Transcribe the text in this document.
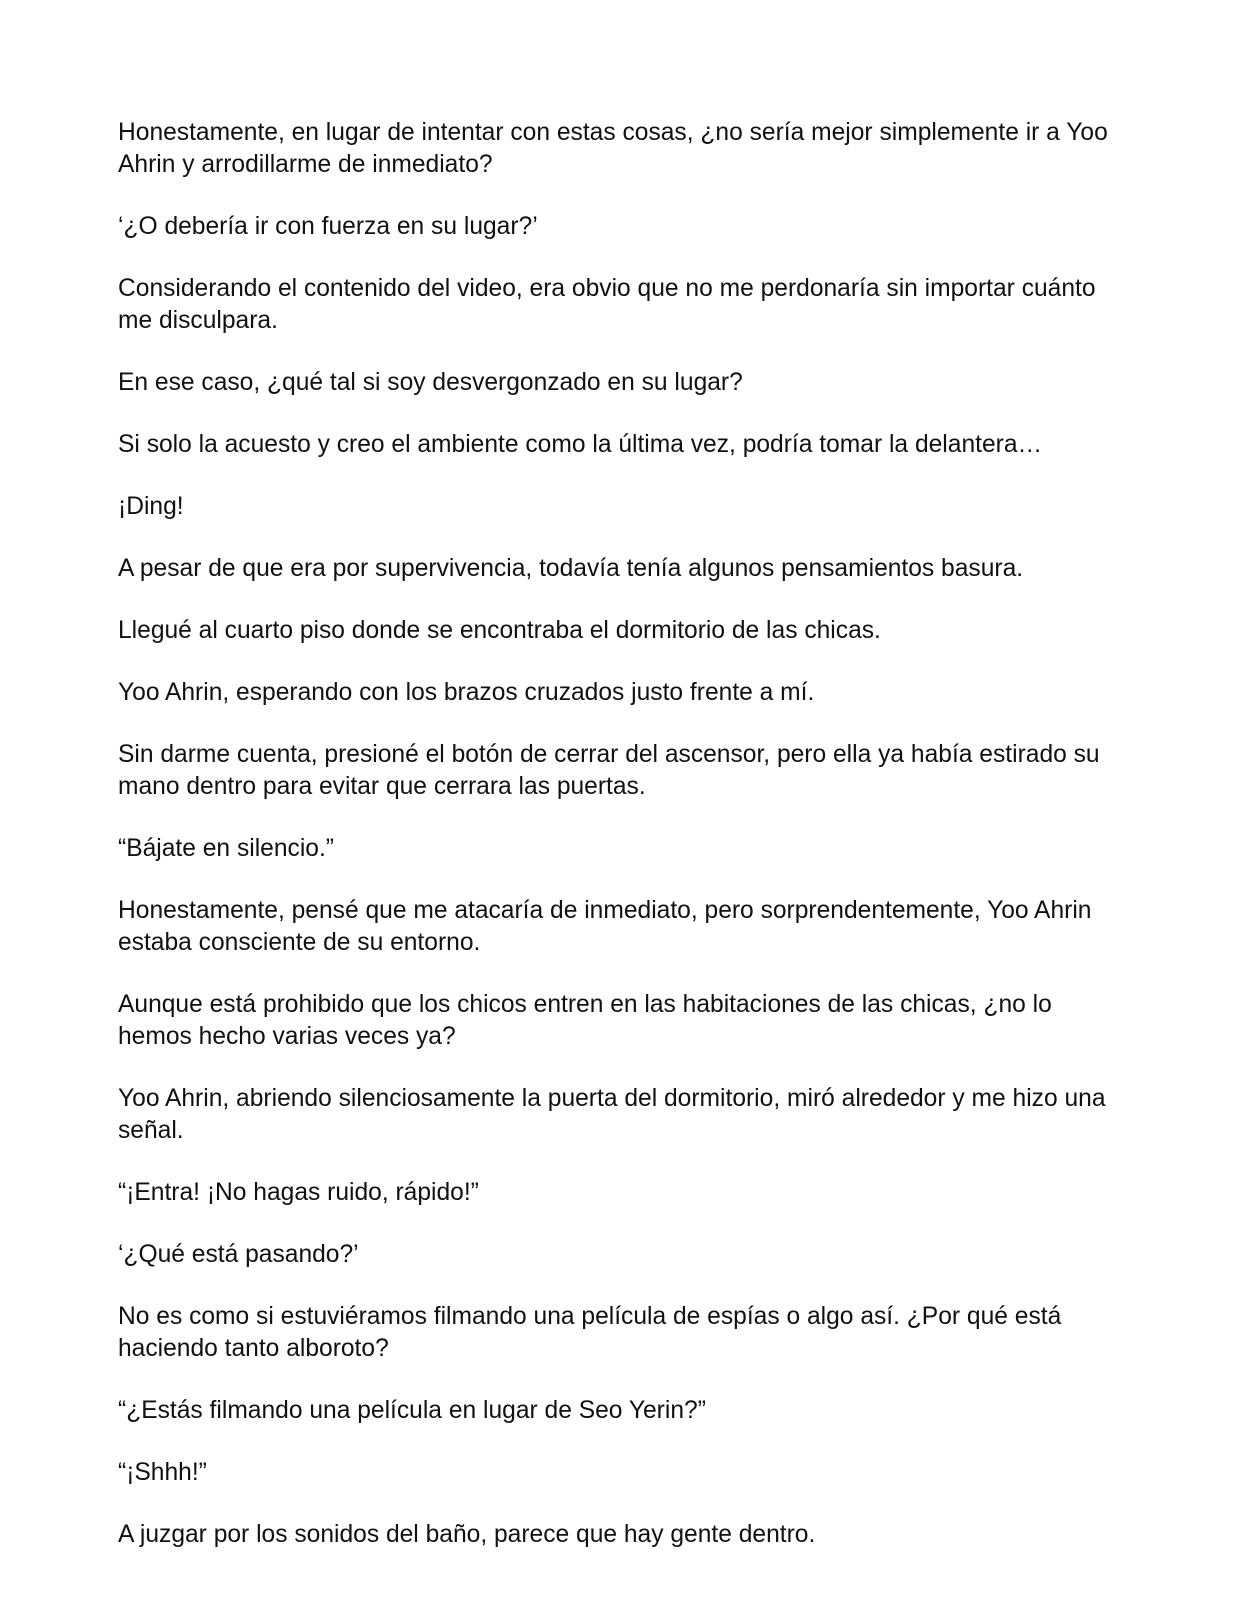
Honestamente, en lugar de intentar con estas cosas, ¿no sería mejor simplemente ir a Yoo Ahrin y arrodillarme de inmediato?

‘¿O debería ir con fuerza en su lugar?’

Considerando el contenido del video, era obvio que no me perdonaría sin importar cuánto me disculpara.

En ese caso, ¿qué tal si soy desvergonzado en su lugar?

Si solo la acuesto y creo el ambiente como la última vez, podría tomar la delantera…

¡Ding!

A pesar de que era por supervivencia, todavía tenía algunos pensamientos basura.

Llegué al cuarto piso donde se encontraba el dormitorio de las chicas.

Yoo Ahrin, esperando con los brazos cruzados justo frente a mí.

Sin darme cuenta, presioné el botón de cerrar del ascensor, pero ella ya había estirado su mano dentro para evitar que cerrara las puertas.

“Bájate en silencio.”

Honestamente, pensé que me atacaría de inmediato, pero sorprendentemente, Yoo Ahrin estaba consciente de su entorno.

Aunque está prohibido que los chicos entren en las habitaciones de las chicas, ¿no lo hemos hecho varias veces ya?

Yoo Ahrin, abriendo silenciosamente la puerta del dormitorio, miró alrededor y me hizo una señal.

“¡Entra! ¡No hagas ruido, rápido!”

‘¿Qué está pasando?’

No es como si estuviéramos filmando una película de espías o algo así. ¿Por qué está haciendo tanto alboroto?

“¿Estás filmando una película en lugar de Seo Yerin?”

“¡Shhh!”

A juzgar por los sonidos del baño, parece que hay gente dentro.
